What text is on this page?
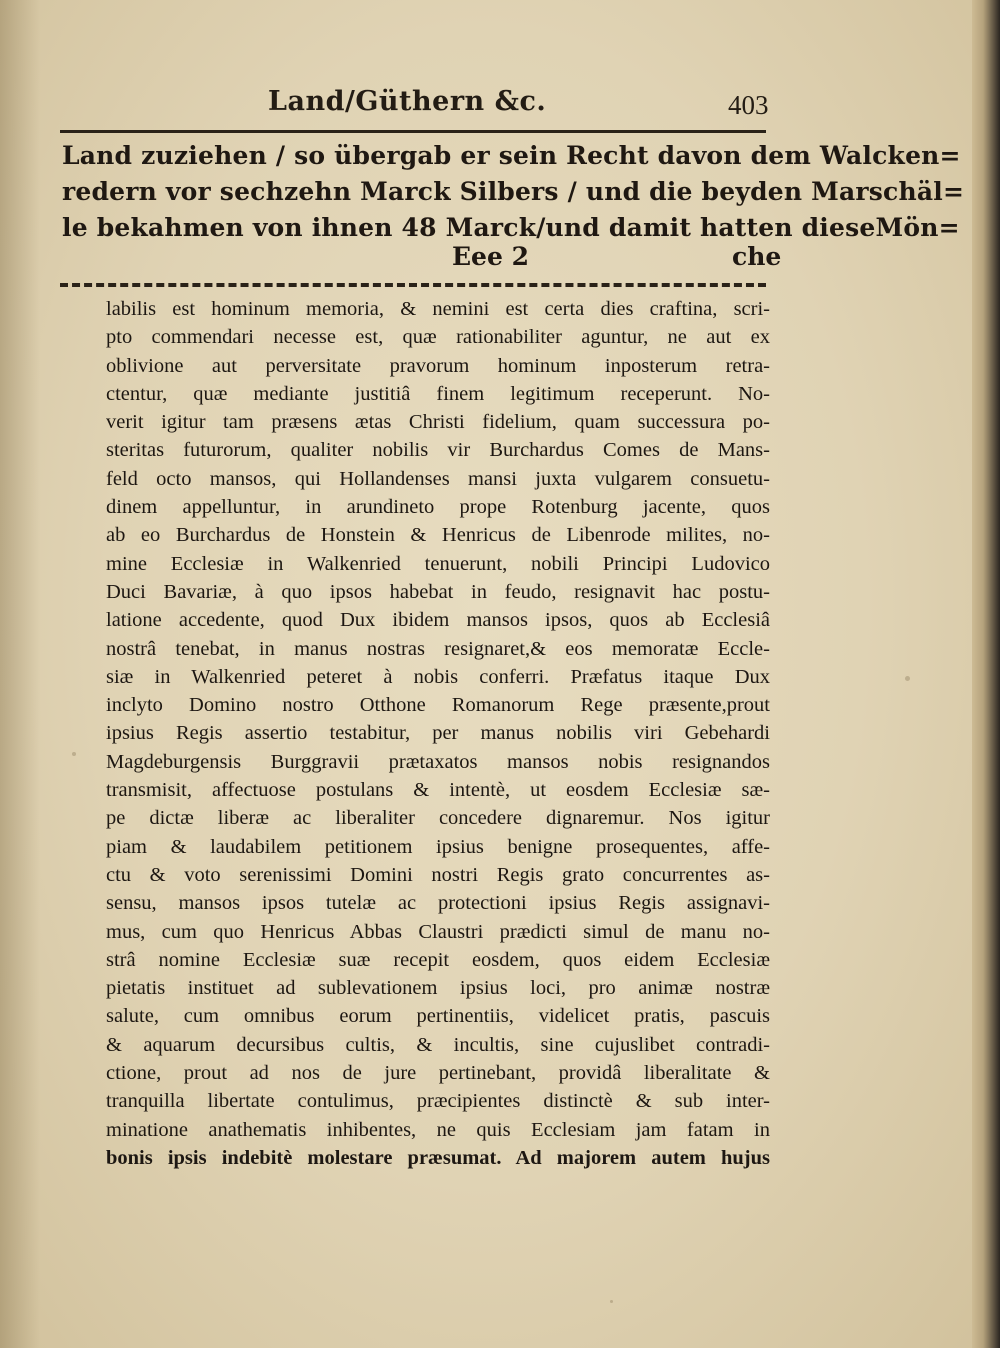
Land/Güthern &c.	403
Land zuziehen / so übergab er sein Recht davon dem Walcken=
redern vor sechzehn Marck Silbers / und die beyden Marschäl=
le bekahmen von ihnen 48 Marck/und damit hatten dieseMön=
Eee 2	che
labilis est hominum memoria, & nemini est certa dies craftina, scri-
pto commendari necesse est, quæ rationabiliter aguntur, ne aut ex
oblivione aut perversitate pravorum hominum inposterum retra-
ctentur, quæ mediante justitiâ finem legitimum receperunt. No-
verit igitur tam præsens ætas Christi fidelium, quam successura po-
steritas futurorum, qualiter nobilis vir Burchardus Comes de Mans-
feld octo mansos, qui Hollandenses mansi juxta vulgarem consuetu-
dinem appelluntur, in arundineto prope Rotenburg jacente, quos
ab eo Burchardus de Honstein & Henricus de Libenrode milites, no-
mine Ecclesiæ in Walkenried tenuerunt, nobili Principi Ludovico
Duci Bavariæ, à quo ipsos habebat in feudo, resignavit hac postu-
latione accedente, quod Dux ibidem mansos ipsos, quos ab Ecclesiâ
nostrâ tenebat, in manus nostras resignaret,& eos memoratæ Eccle-
siæ in Walkenried peteret à nobis conferri. Præfatus itaque Dux
inclyto Domino nostro Otthone Romanorum Rege præsente,prout
ipsius Regis assertio testabitur, per manus nobilis viri Gebehardi
Magdeburgensis Burggravii prætaxatos mansos nobis resignandos
transmisit, affectuose postulans & intentè, ut eosdem Ecclesiæ sæ-
pe dictæ liberæ ac liberaliter concedere dignaremur. Nos igitur
piam & laudabilem petitionem ipsius benigne prosequentes, affe-
ctu & voto serenissimi Domini nostri Regis grato concurrentes as-
sensu, mansos ipsos tutelæ ac protectioni ipsius Regis assignavi-
mus, cum quo Henricus Abbas Claustri prædicti simul de manu no-
strâ nomine Ecclesiæ suæ recepit eosdem, quos eidem Ecclesiæ
pietatis instituet ad sublevationem ipsius loci, pro animæ nostræ
salute, cum omnibus eorum pertinentiis, videlicet pratis, pascuis
& aquarum decursibus cultis, & incultis, sine cujuslibet contradi-
ctione, prout ad nos de jure pertinebant, providâ liberalitate &
tranquilla libertate contulimus, præcipientes distinctè & sub inter-
minatione anathematis inhibentes, ne quis Ecclesiam jam fatam in
bonis ipsis indebitè molestare præsumat. Ad majorem autem hujus
